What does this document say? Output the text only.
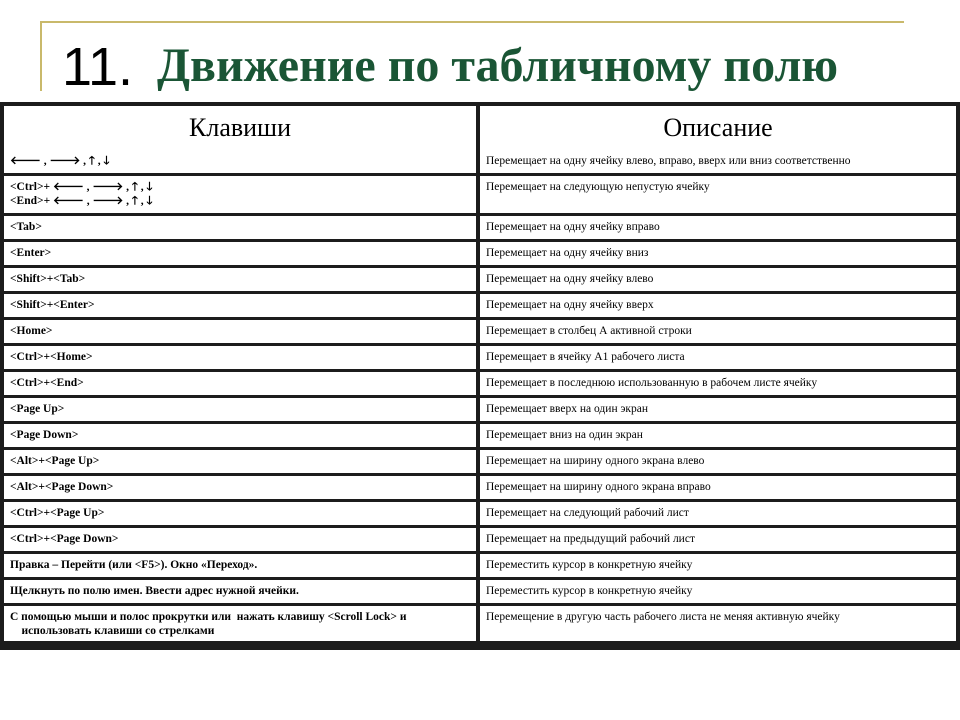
11. Движение по табличному полю
Клавиши	Описание

🡐 , 🡒 , 🡑 , 🡓	Перемещает на одну ячейку влево, вправо, вверх или вниз соответственно

<Ctrl>+ 🡐 , 🡒 , 🡑 , 🡓
<End>+ 🡐 , 🡒 , 🡑 , 🡓	Перемещает на следующую непустую ячейку

<Tab>	Перемещает на одну ячейку вправо

<Enter>	Перемещает на одну ячейку вниз

<Shift>+<Tab>	Перемещает на одну ячейку влево

<Shift>+<Enter>	Перемещает на одну ячейку вверх

<Home>	Перемещает в столбец А активной строки

<Ctrl>+<Home>	Перемещает в ячейку А1 рабочего листа

<Ctrl>+<End>	Перемещает в последнюю использованную в рабочем листе ячейку

<Page Up>	Перемещает вверх на один экран

<Page Down>	Перемещает вниз на один экран

<Alt>+<Page Up>	Перемещает на ширину одного экрана влево

<Alt>+<Page Down>	Перемещает на ширину одного экрана вправо

<Ctrl>+<Page Up>	Перемещает на следующий рабочий лист

<Ctrl>+<Page Down>	Перемещает на предыдущий рабочий лист

Правка – Перейти (или <F5>). Окно «Переход».	Переместить курсор в конкретную ячейку

Щелкнуть по полю имен. Ввести адрес нужной ячейки.	Переместить курсор в конкретную ячейку

С помощью мыши и полос прокрутки или  нажать клавишу <Scroll Lock> и
использовать клавиши со стрелками	Перемещение в другую часть рабочего листа не меняя активную ячейку
